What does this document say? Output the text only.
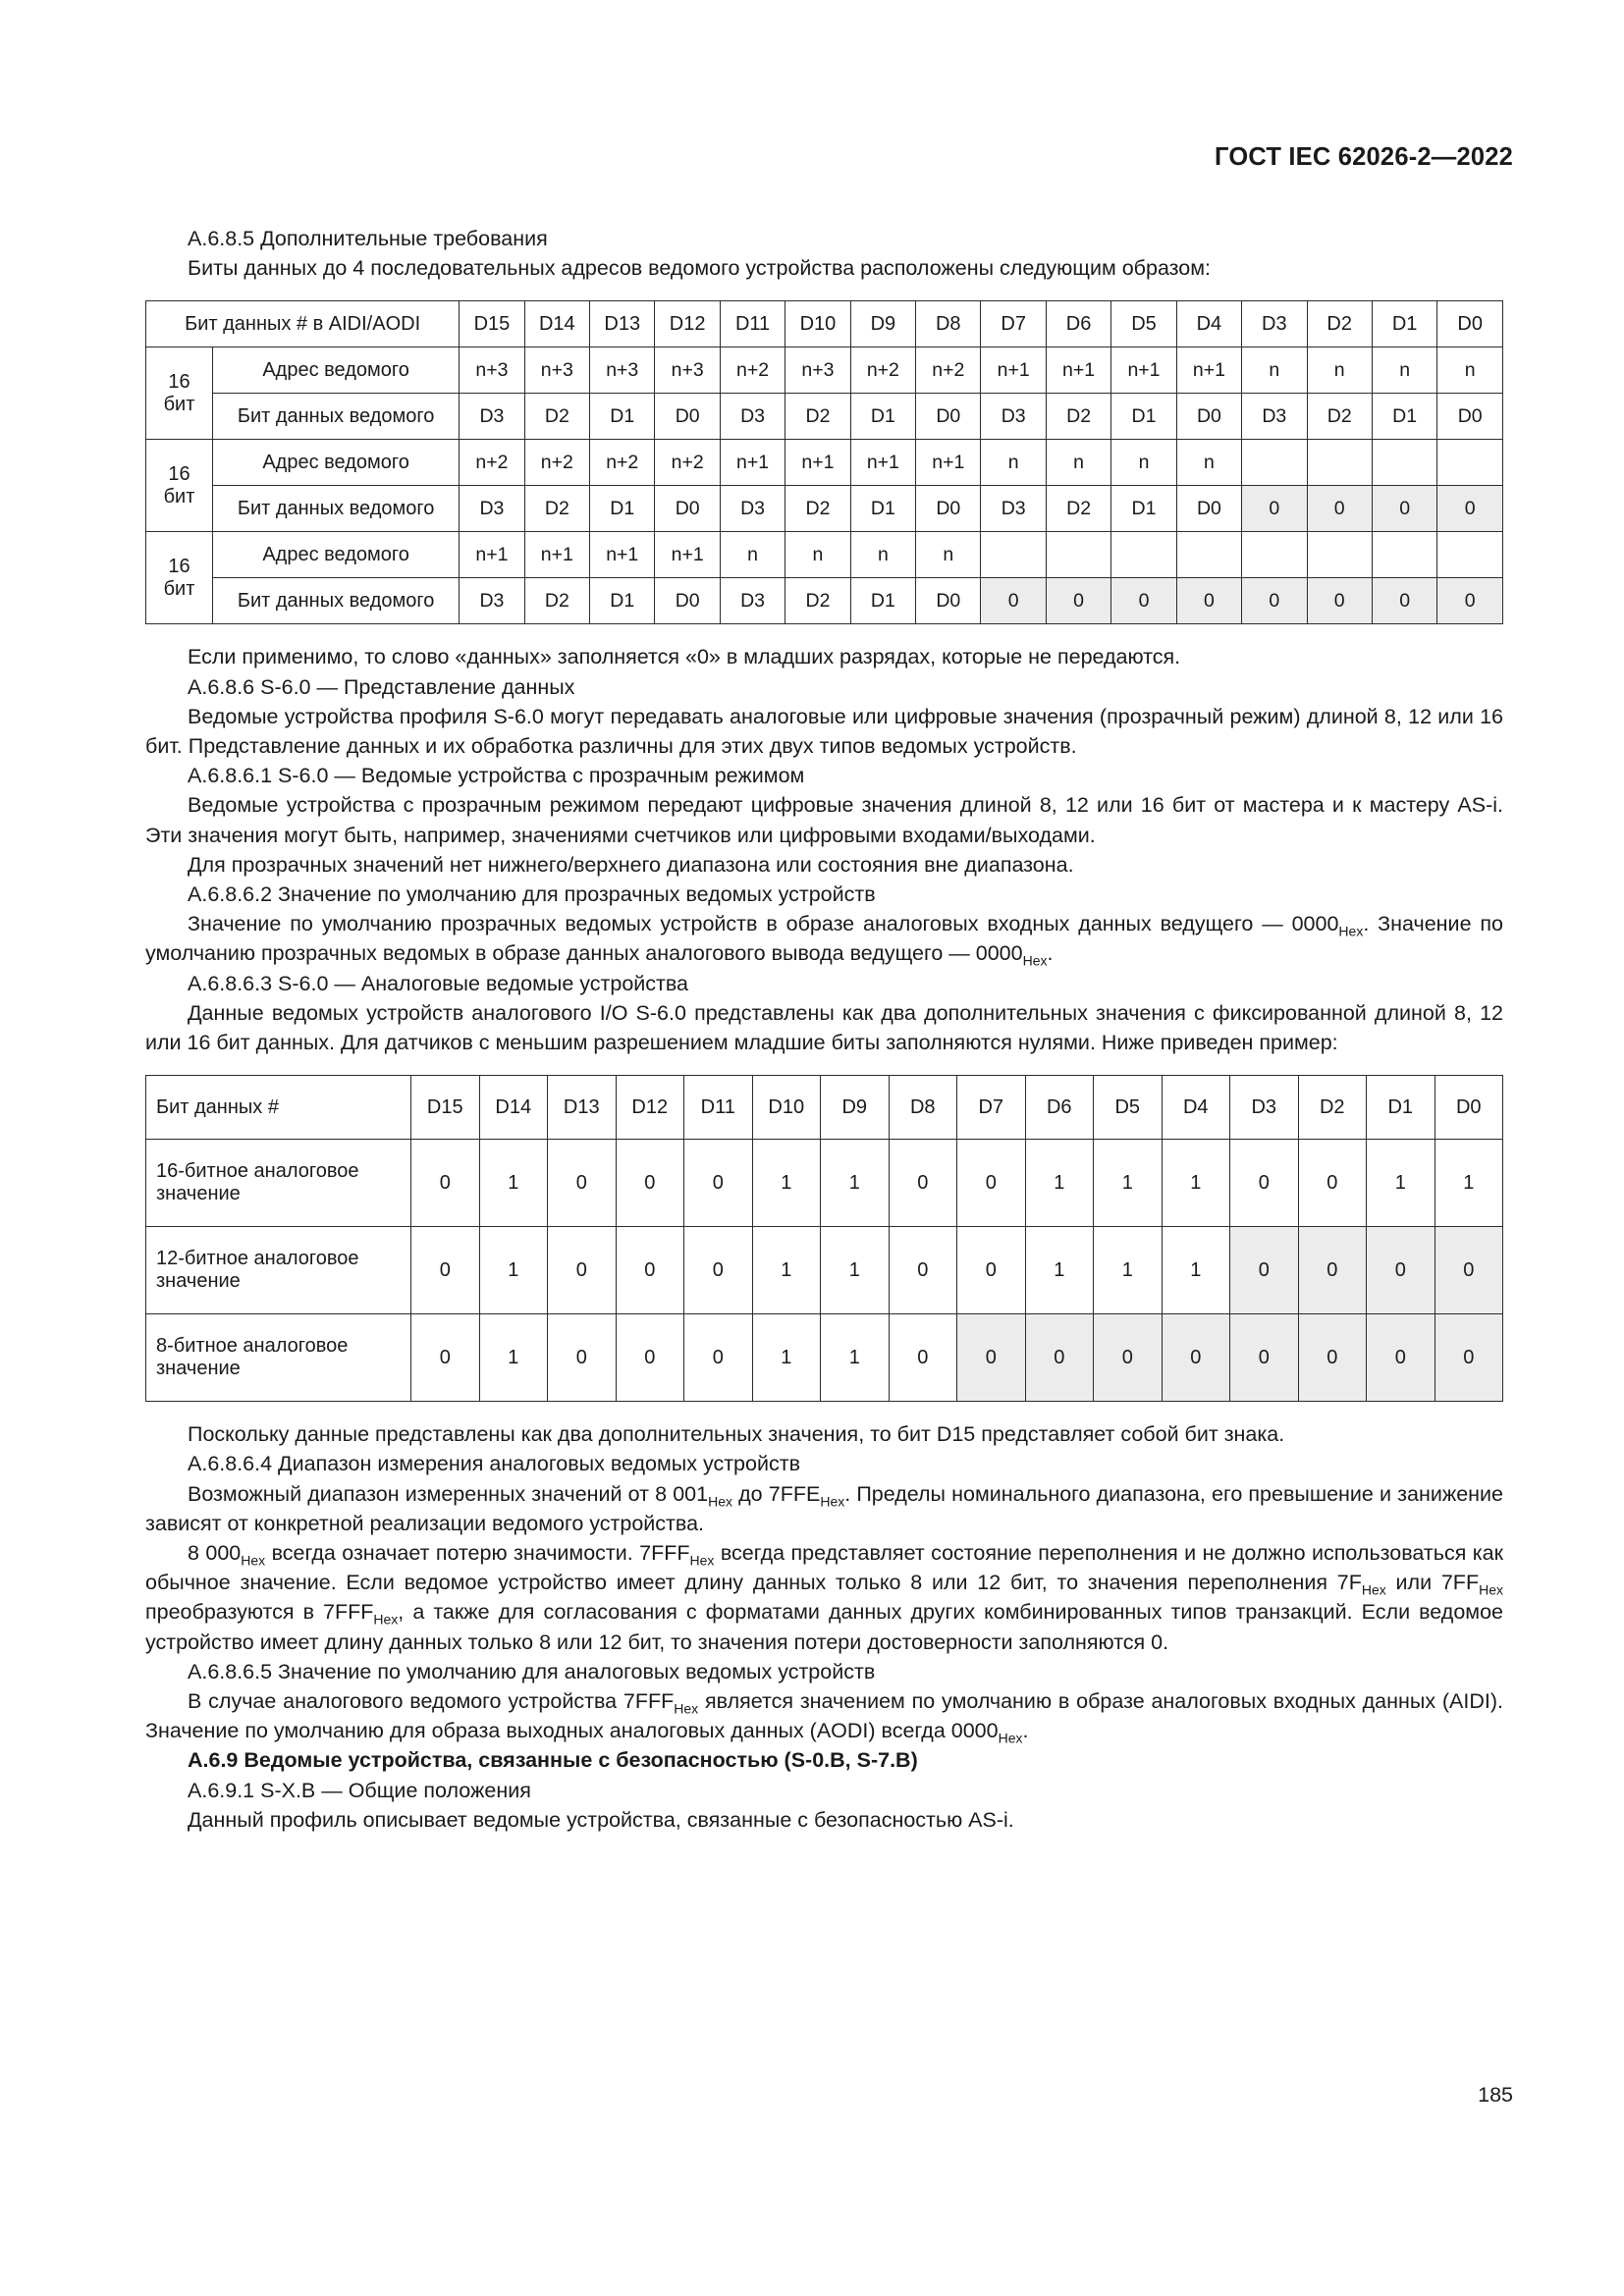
ГОСТ IEC 62026-2—2022

А.6.8.5 Дополнительные требования

Биты данных до 4 последовательных адресов ведомого устройства расположены следующим образом:

Бит данных # в AIDI/AODI		D15	D14	D13	D12	D11	D10	D9	D8	D7	D6	D5	D4	D3	D2	D1	D0
16
бит	Адрес ведомого	n+3	n+3	n+3	n+3	n+2	n+3	n+2	n+2	n+1	n+1	n+1	n+1	n	n	n	n
	Бит данных ведомого	D3	D2	D1	D0	D3	D2	D1	D0	D3	D2	D1	D0	D3	D2	D1	D0
16
бит	Адрес ведомого	n+2	n+2	n+2	n+2	n+1	n+1	n+1	n+1	n	n	n	n				
	Бит данных ведомого	D3	D2	D1	D0	D3	D2	D1	D0	D3	D2	D1	D0	0	0	0	0
16
бит	Адрес ведомого	n+1	n+1	n+1	n+1	n	n	n	n								
	Бит данных ведомого	D3	D2	D1	D0	D3	D2	D1	D0	0	0	0	0	0	0	0	0

Если применимо, то слово «данных» заполняется «0» в младших разрядах, которые не передаются.

А.6.8.6 S-6.0 — Представление данных

Ведомые устройства профиля S-6.0 могут передавать аналоговые или цифровые значения (прозрачный режим) длиной 8, 12 или 16 бит. Представление данных и их обработка различны для этих двух типов ведомых устройств.

А.6.8.6.1 S-6.0 — Ведомые устройства с прозрачным режимом

Ведомые устройства с прозрачным режимом передают цифровые значения длиной 8, 12 или 16 бит от мастера и к мастеру AS-i. Эти значения могут быть, например, значениями счетчиков или цифровыми входами/выходами.

Для прозрачных значений нет нижнего/верхнего диапазона или состояния вне диапазона.

А.6.8.6.2 Значение по умолчанию для прозрачных ведомых устройств

Значение по умолчанию прозрачных ведомых устройств в образе аналоговых входных данных ведущего — $0000_{Hex}$. Значение по умолчанию прозрачных ведомых в образе данных аналогового вывода ведущего — $0000_{Hex}$.

А.6.8.6.3 S-6.0 — Аналоговые ведомые устройства

Данные ведомых устройств аналогового I/O S-6.0 представлены как два дополнительных значения с фиксированной длиной 8, 12 или 16 бит данных. Для датчиков с меньшим разрешением младшие биты заполняются нулями. Ниже приведен пример:

Бит данных #	D15	D14	D13	D12	D11	D10	D9	D8	D7	D6	D5	D4	D3	D2	D1	D0
16-битное аналоговое значение	0	1	0	0	0	1	1	0	0	1	1	1	0	0	1	1
12-битное аналоговое значение	0	1	0	0	0	1	1	0	0	1	1	1	0	0	0	0
8-битное аналоговое значение	0	1	0	0	0	1	1	0	0	0	0	0	0	0	0	0

Поскольку данные представлены как два дополнительных значения, то бит D15 представляет собой бит знака.

А.6.8.6.4 Диапазон измерения аналоговых ведомых устройств

Возможный диапазон измеренных значений от 8 $001_{Hex}$ до $7FFE_{Hex}$. Пределы номинального диапазона, его превышение и занижение зависят от конкретной реализации ведомого устройства.

8 $000_{Hex}$ всегда означает потерю значимости. $7FFF_{Hex}$ всегда представляет состояние переполнения и не должно использоваться как обычное значение. Если ведомое устройство имеет длину данных только 8 или 12 бит, то значения переполнения $7F_{Hex}$ или $7FF_{Hex}$ преобразуются в $7FFF_{Hex}$, а также для согласования с форматами данных других комбинированных типов транзакций. Если ведомое устройство имеет длину данных только 8 или 12 бит, то значения потери достоверности заполняются 0.

А.6.8.6.5 Значение по умолчанию для аналоговых ведомых устройств

В случае аналогового ведомого устройства $7FFF_{Hex}$ является значением по умолчанию в образе аналоговых входных данных (AIDI). Значение по умолчанию для образа выходных аналоговых данных (AODI) всегда $0000_{Hex}$.

А.6.9 Ведомые устройства, связанные с безопасностью (S-0.B, S-7.B)

А.6.9.1 S-X.B — Общие положения

Данный профиль описывает ведомые устройства, связанные с безопасностью AS-i.

185
